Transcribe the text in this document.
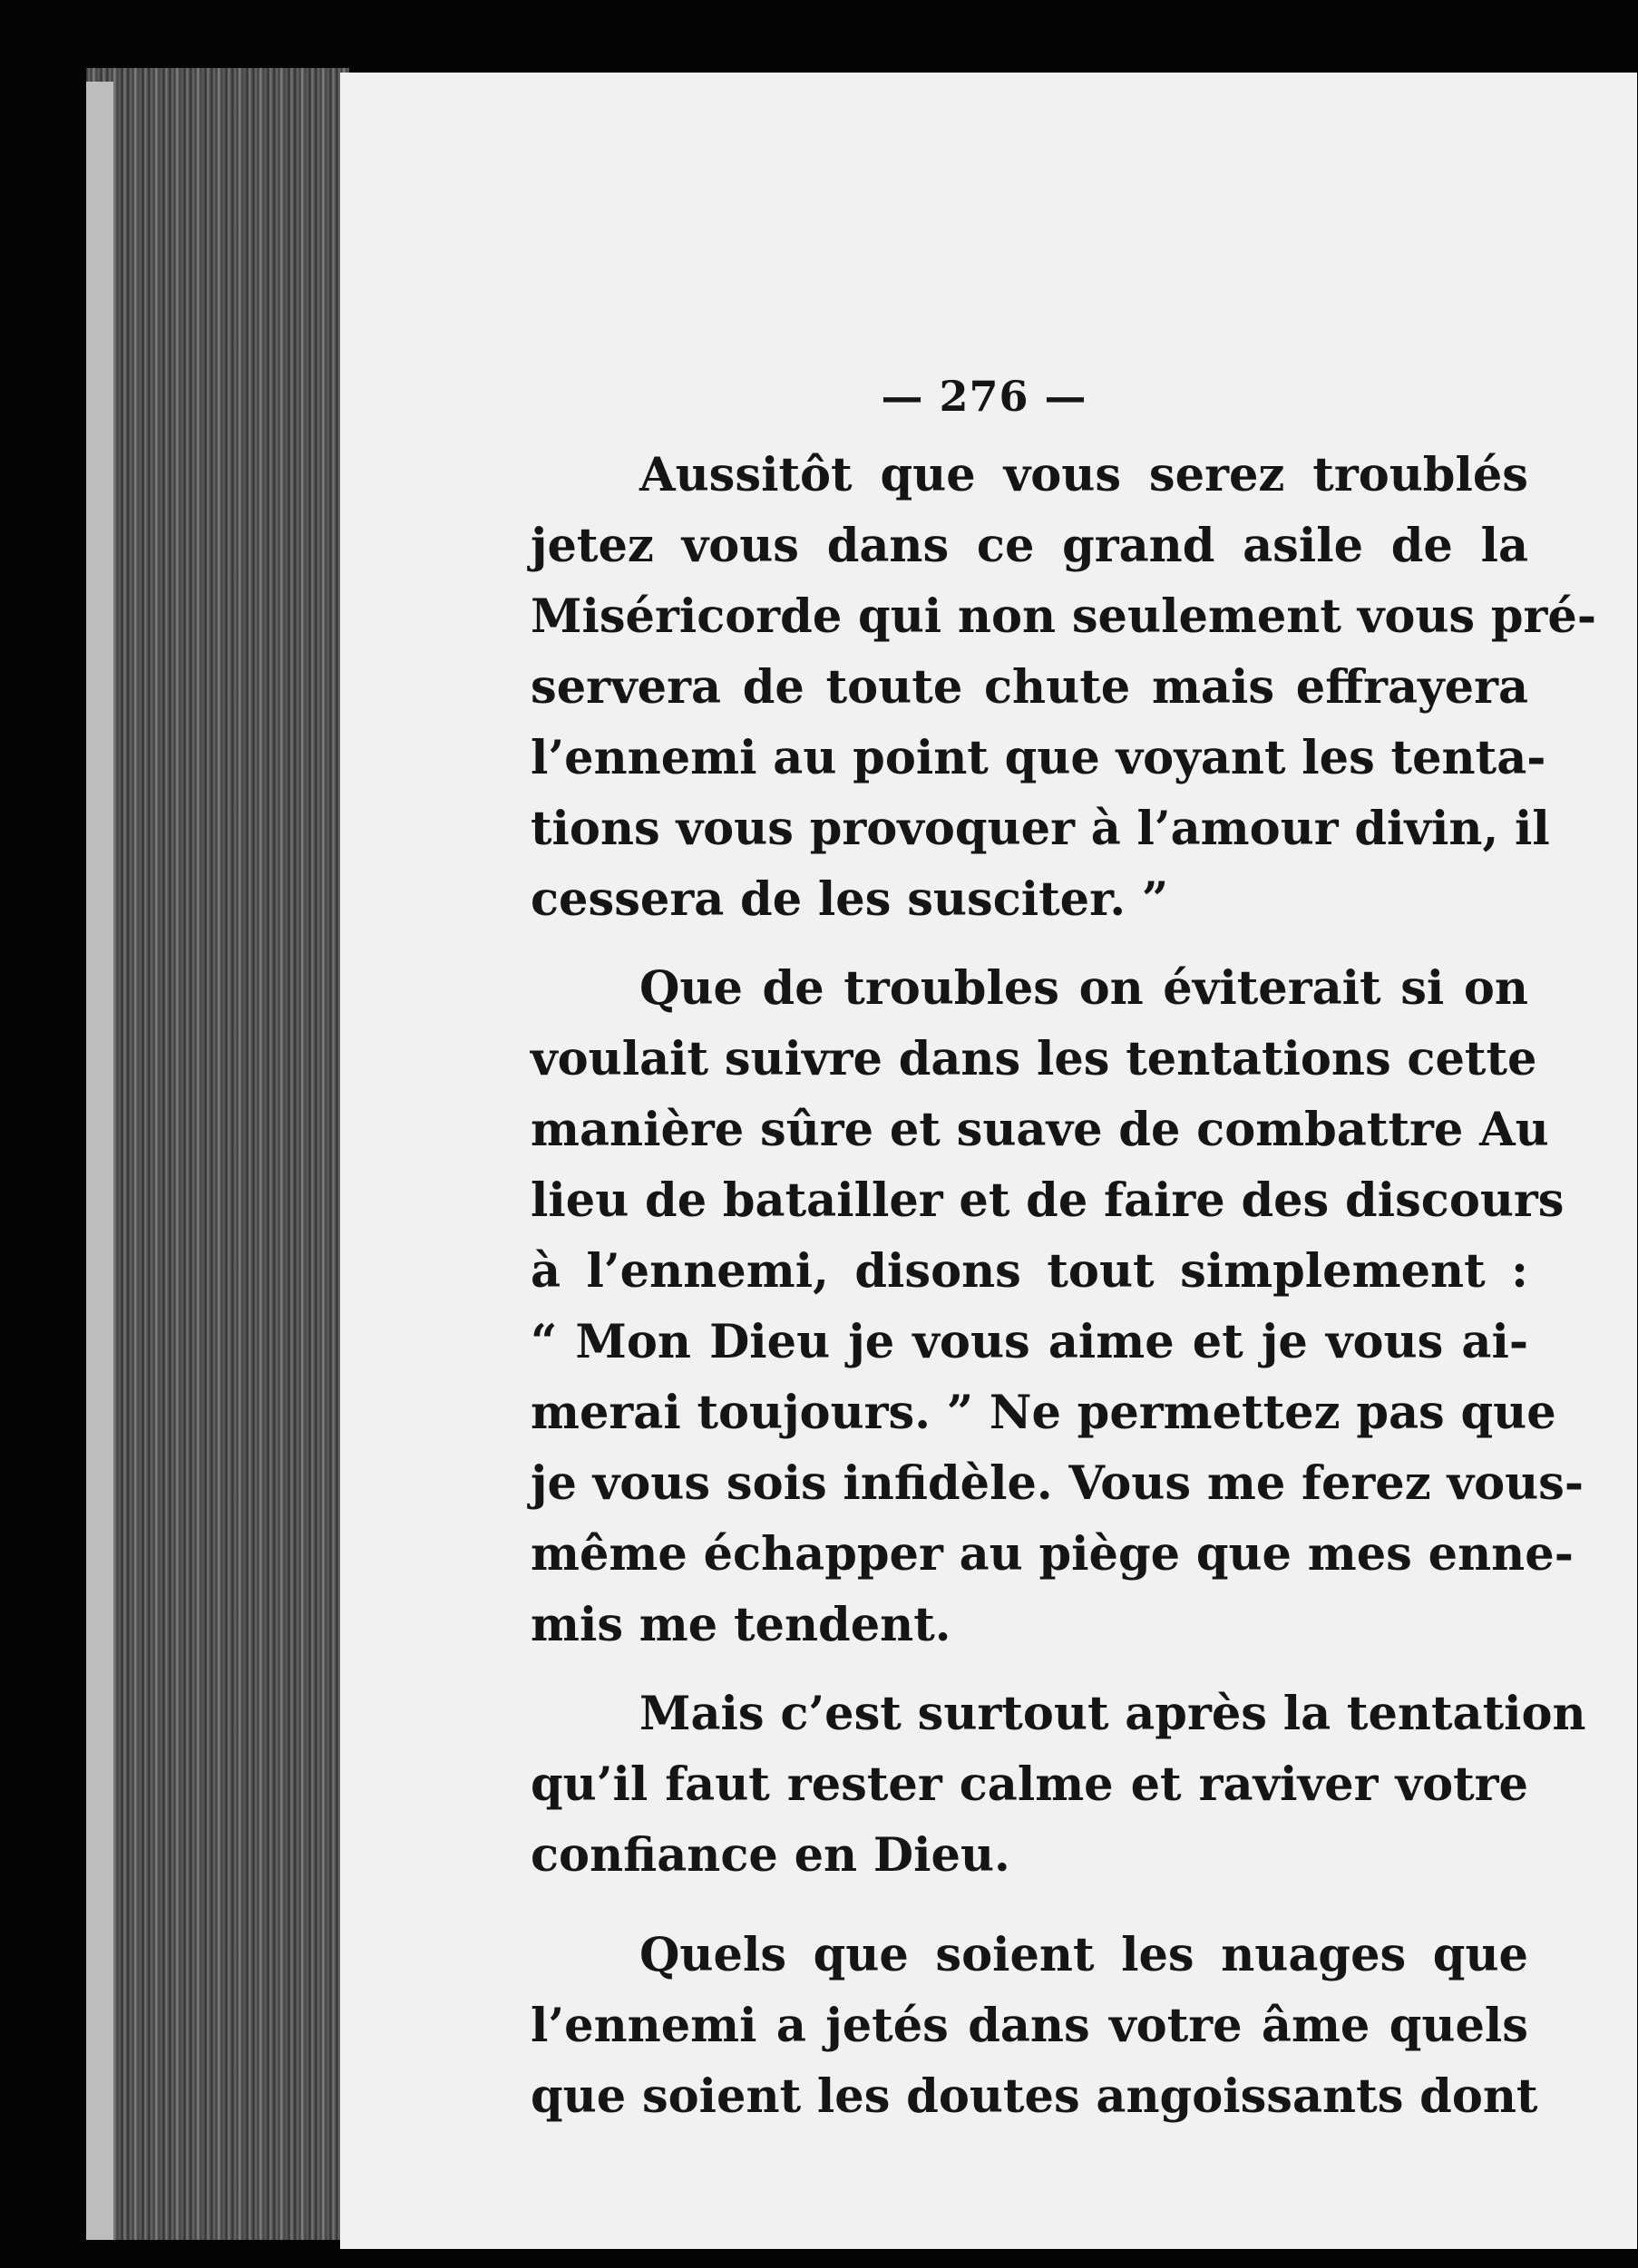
— 276 —
Aussitôt que vous serez troublés
jetez vous dans ce grand asile de la
Miséricorde qui non seulement vous pré-
servera de toute chute mais effrayera
l’ennemi au point que voyant les tenta-
tions vous provoquer à l’amour divin, il
cessera de les susciter. ”
Que de troubles on éviterait si on
voulait suivre dans les tentations cette
manière sûre et suave de combattre Au
lieu de batailler et de faire des discours
à l’ennemi, disons tout simplement :
“ Mon Dieu je vous aime et je vous ai-
merai toujours. ” Ne permettez pas que
je vous sois infidèle. Vous me ferez vous-
même échapper au piège que mes enne-
mis me tendent.
Mais c’est surtout après la tentation
qu’il faut rester calme et raviver votre
confiance en Dieu.
Quels que soient les nuages que
l’ennemi a jetés dans votre âme quels
que soient les doutes angoissants dont
